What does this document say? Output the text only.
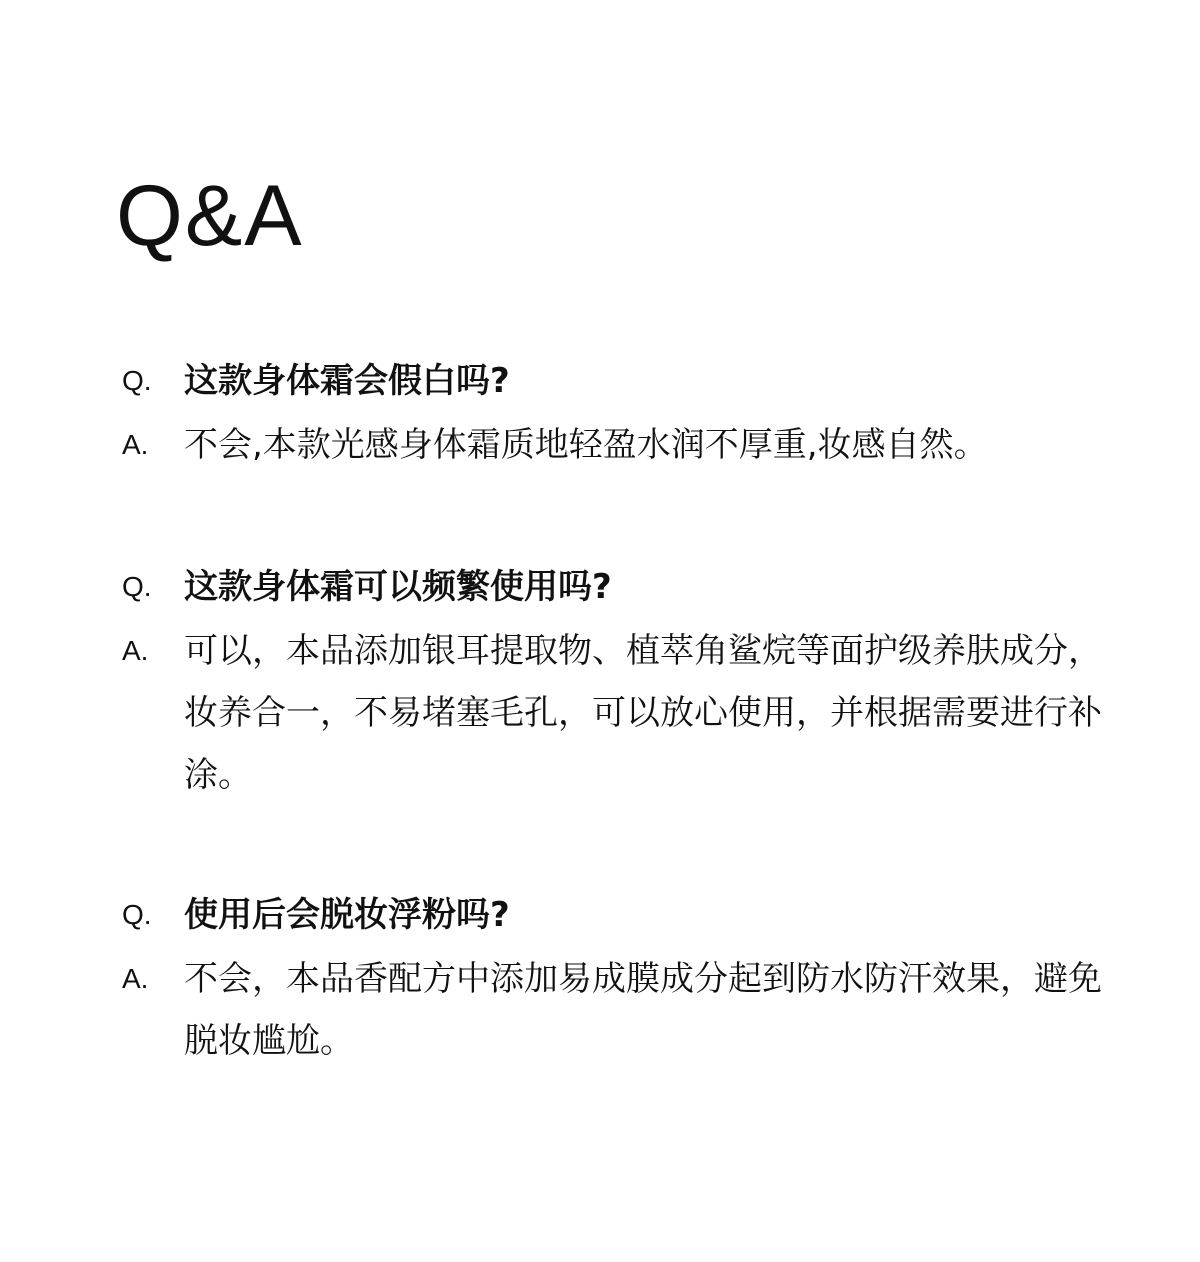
Q&A
Q. 这款身体霜会假白吗?
A.	不会,本款光感身体霜质地轻盈水润不厚重,妆感自然。
Q. 这款身体霜可以频繁使用吗?
A.	可以，本品添加银耳提取物、植萃角鲨烷等面护级养肤成分，妆养合一，不易堵塞毛孔，可以放心使用，并根据需要进行补涂。
Q. 使用后会脱妆浮粉吗?
A.	不会，本品香配方中添加易成膜成分起到防水防汗效果，避免脱妆尴尬。
